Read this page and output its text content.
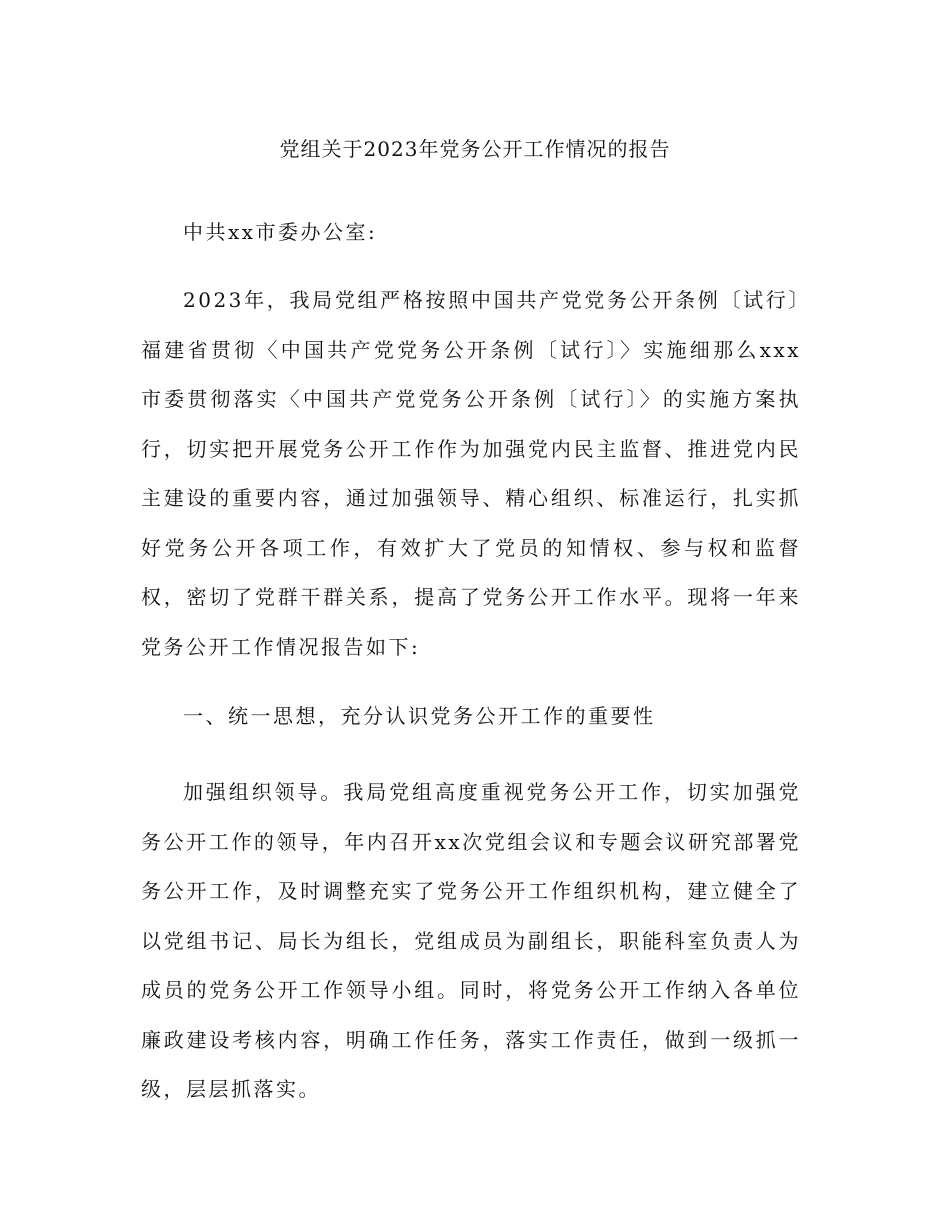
党组关于2023年党务公开工作情况的报告

中共xx市委办公室:

2023年，我局党组严格按照中国共产党党务公开条例〔试行〕福建省贯彻〈中国共产党党务公开条例〔试行〕〉实施细那么xxx市委贯彻落实〈中国共产党党务公开条例〔试行〕〉的实施方案执行，切实把开展党务公开工作作为加强党内民主监督、推进党内民主建设的重要内容，通过加强领导、精心组织、标准运行，扎实抓好党务公开各项工作，有效扩大了党员的知情权、参与权和监督权，密切了党群干群关系，提高了党务公开工作水平。现将一年来党务公开工作情况报告如下:

一、统一思想，充分认识党务公开工作的重要性

加强组织领导。我局党组高度重视党务公开工作，切实加强党务公开工作的领导，年内召开xx次党组会议和专题会议研究部署党务公开工作，及时调整充实了党务公开工作组织机构，建立健全了以党组书记、局长为组长，党组成员为副组长，职能科室负责人为成员的党务公开工作领导小组。同时，将党务公开工作纳入各单位廉政建设考核内容，明确工作任务，落实工作责任，做到一级抓一级，层层抓落实。
